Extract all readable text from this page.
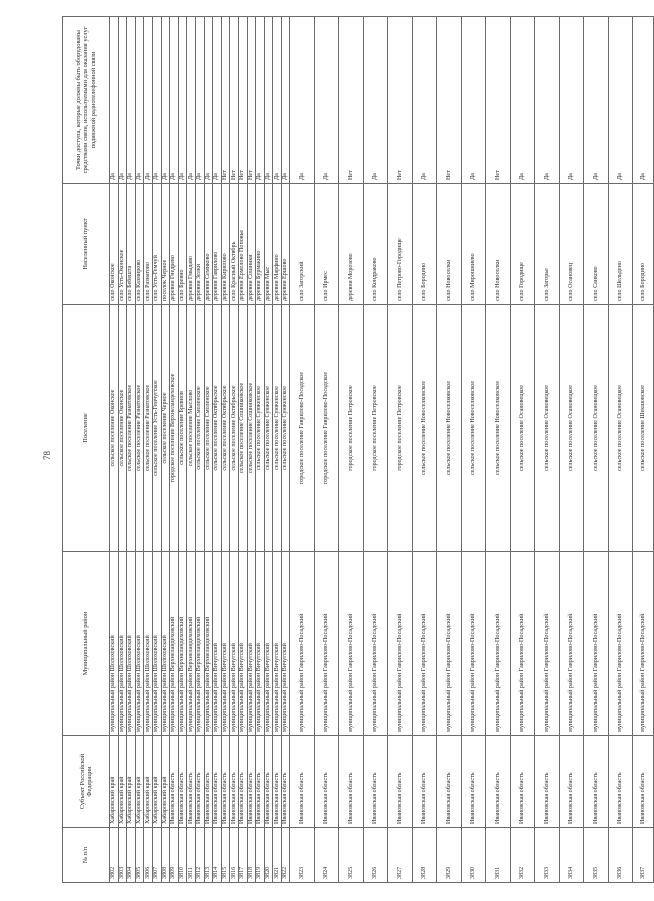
78
№ п/п	Субъект Российской Федерации	Муниципальный район	Поселение	Населенный пункт	Точки доступа, которые должны быть оборудованы средствами связи, используемыми для оказания услуг подвижной радиотелефонной связи
3802	Хабаровский край	муниципальный район Шолоховский	сельское поселение Оконское	село Оконское	Да
3803	Хабаровский край	муниципальный район Шолоховский	сельское поселение Оконское	село Усть-Оконское	Да
3804	Хабаровский край	муниципальный район Шолоховский	сельское поселение Разнатовское	село Бебешта	Да
3805	Хабаровский край	муниципальный район Шолоховский	сельское поселение Разнатовское	село Казмирово	Да
3806	Хабаровский край	муниципальный район Шолоховский	сельское поселение Разнатовское	село Разнатово	Да
3807	Хабаровский край	муниципальный район Шолоховский	сельское поселение Усть-Гемчугское	село Усть-Гемчуй	Да
3808	Хабаровский край	муниципальный район Шолоховский	сельское поселение Черное	поселок Черное	Да
3809	Ивановская область	муниципальный район Верхнеландеховский	городское поселение Верхнеландеховское	деревня Гнедрево	Да
3810	Ивановская область	муниципальный район Верхнеландеховский	сельское поселение Бревнов	село Бревно	Да
3811	Ивановская область	муниципальный район Верхнеландеховский	сельское поселение Мыслово	деревня Гмыдаво	Да
3812	Ивановская область	муниципальный район Верхнеландеховский	сельское поселение Смоленское	деревня Зелки	Да
3813	Ивановская область	муниципальный район Верхнеландеховский	сельское поселение Смоленское	деревня Семиково	Да
3814	Ивановская область	муниципальный район Вичугский	сельское поселение Октябрьское	деревня Гаврилово	Да
3815	Ивановская область	муниципальный район Вичугский	сельское поселение Октябрьское	деревня Кирилово	Нет
3816	Ивановская область	муниципальный район Вичугский	сельское поселение Октябрьское	село Красный Октябрь	Нет
3817	Ивановская область	муниципальный район Вичугский	сельское поселение Сошниковское	деревня Ермолово Поповье	Нет
3818	Ивановская область	муниципальный район Вичугский	сельское поселение Сошниковское	деревня Сошники	Нет
3819	Ивановская область	муниципальный район Вичугский	сельское поселение Сунженское	деревня Бурмакино	Да
3820	Ивановская область	муниципальный район Вичугский	сельское поселение Сунженское	деревня Мыс	Да
3821	Ивановская область	муниципальный район Вичугский	сельское поселение Сунженское	деревня Марфино	Да
3822	Ивановская область	муниципальный район Вичугский	сельское поселение Сунженское	деревня Ершово	Да
3823	Ивановская область	муниципальный район Гаврилово-Посадский	городское поселение Гаврилово-Посадское	село Загорский	Да
3824	Ивановская область	муниципальный район Гаврилово-Посадский	городское поселение Гаврилово-Посадское	село Ирмес	Да
3825	Ивановская область	муниципальный район Гаврилово-Посадский	городское поселение Петровское	деревня Морозово	Нет
3826	Ивановская область	муниципальный район Гаврилово-Посадский	городское поселение Петровское	село Кондраково	Да
3827	Ивановская область	муниципальный район Гаврилово-Посадский	городское поселение Петровское	село Петрово-Городище	Нет
3828	Ивановская область	муниципальный район Гаврилово-Посадский	сельское поселение Новоселковское	село Бородино	Да
3829	Ивановская область	муниципальный район Гаврилово-Посадский	сельское поселение Новоселковское	село Новоселки	Нет
3830	Ивановская область	муниципальный район Гаврилово-Посадский	сельское поселение Новоселковское	село Мирошниево	Да
3831	Ивановская область	муниципальный район Гаврилово-Посадский	сельское поселение Новоселковское	село Новоселки	Нет
3832	Ивановская область	муниципальный район Гаврилово-Посадский	сельское поселение Осановецкое	село Городище	Да
3833	Ивановская область	муниципальный район Гаврилово-Посадский	сельское поселение Осановецкое	село Загорье	Да
3834	Ивановская область	муниципальный район Гаврилово-Посадский	сельское поселение Осановецкое	село Осановец	Да
3835	Ивановская область	муниципальный район Гаврилово-Посадский	сельское поселение Осановецкое	село Санково	Да
3836	Ивановская область	муниципальный район Гаврилово-Посадский	сельское поселение Осановецкое	село Шельдено	Да
3837	Ивановская область	муниципальный район Гаврилово-Посадский	сельское поселение Шекшовское	село Бородино	Да
